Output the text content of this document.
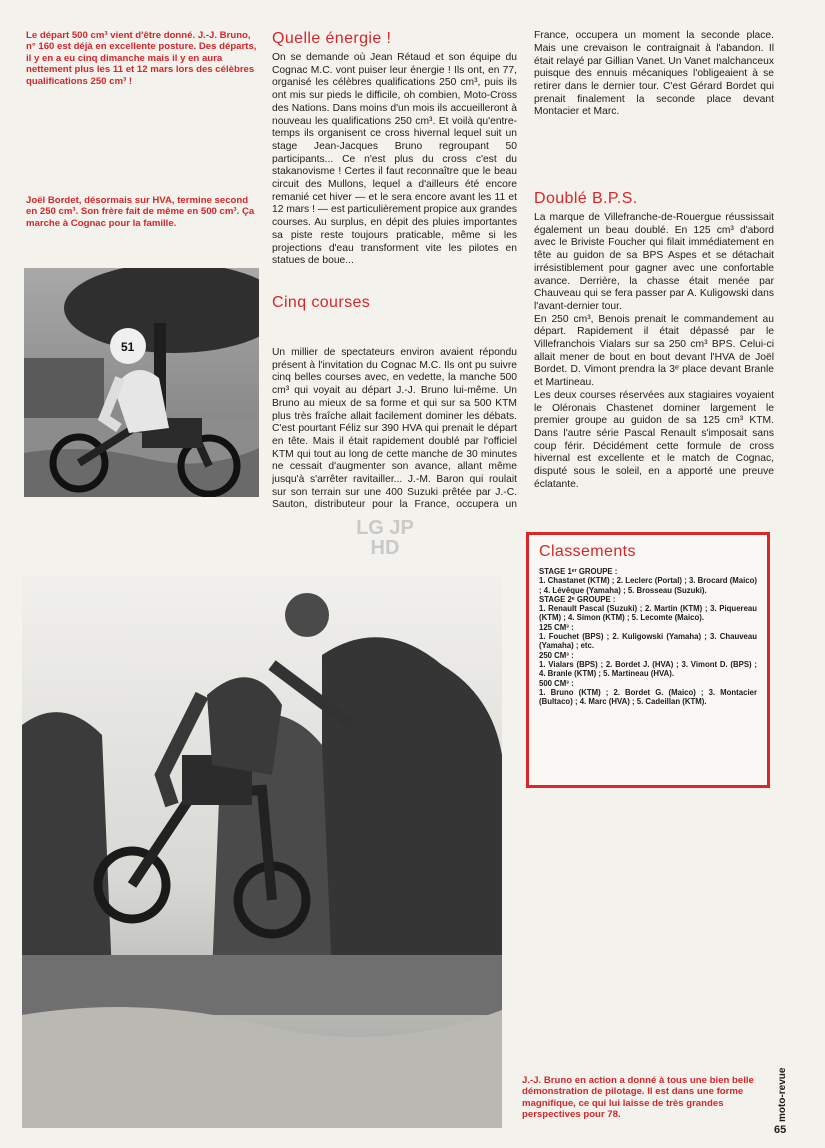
Le départ 500 cm³ vient d'être donné. J.-J. Bruno, n° 160 est déjà en excellente posture. Des départs, il y en a eu cinq dimanche mais il y en aura nettement plus les 11 et 12 mars lors des célèbres qualifications 250 cm³ !
Joël Bordet, désormais sur HVA, termine second en 250 cm³. Son frère fait de même en 500 cm³. Ça marche à Cognac pour la famille.
51
Quelle énergie !

On se demande où Jean Rétaud et son équipe du Cognac M.C. vont puiser leur énergie ! Ils ont, en 77, organisé les célèbres qualifications 250 cm³, puis ils ont mis sur pieds le difficile, oh combien, Moto-Cross des Nations. Dans moins d'un mois ils accueilleront à nouveau les qualifications 250 cm³. Et voilà qu'entre-temps ils organisent ce cross hivernal lequel suit un stage Jean-Jacques Bruno regroupant 50 participants... Ce n'est plus du cross c'est du stakanovisme ! Certes il faut reconnaître que le beau circuit des Mullons, lequel a d'ailleurs été encore remanié cet hiver — et le sera encore avant les 11 et 12 mars ! — est particulièrement propice aux grandes courses. Au surplus, en dépit des pluies importantes sa piste reste toujours praticable, même si les projections d'eau transforment vite les pilotes en statues de boue...

Cinq courses

Un millier de spectateurs environ avaient répondu présent à l'invitation du Cognac M.C. Ils ont pu suivre cinq belles courses avec, en vedette, la manche 500 cm³ qui voyait au départ J.-J. Bruno lui-même. Un Bruno au mieux de sa forme et qui sur sa 500 KTM plus très fraîche allait facilement dominer les débats. C'est pourtant Féliz sur 390 HVA qui prenait le départ en tête. Mais il était rapidement doublé par l'officiel KTM qui tout au long de cette manche de 30 minutes ne cessait d'augmenter son avance, allant même jusqu'à s'arrêter ravitailler... J.-M. Baron qui roulait sur son terrain sur une 400 Suzuki prêtée par J.-C. Sauton, distributeur pour la France, occupera un

France, occupera un moment la seconde place. Mais une crevaison le contraignait à l'abandon. Il était relayé par Gillian Vanet. Un Vanet malchanceux puisque des ennuis mécaniques l'obligeaient à se retirer dans le dernier tour. C'est Gérard Bordet qui prenait finalement la seconde place devant Montacier et Marc.

Doublé B.P.S.

La marque de Villefranche-de-Rouergue réussissait également un beau doublé. En 125 cm³ d'abord avec le Briviste Foucher qui filait immédiatement en tête au guidon de sa BPS Aspes et se détachait irrésistiblement pour gagner avec une confortable avance. Derrière, la chasse était menée par Chauveau qui se fera passer par A. Kuligowski dans l'avant-dernier tour.

En 250 cm³, Benois prenait le commandement au départ. Rapidement il était dépassé par le Villefranchois Vialars sur sa 250 cm³ BPS. Celui-ci allait mener de bout en bout devant l'HVA de Joël Bordet. D. Vimont prendra la 3ᵉ place devant Branle et Martineau.

Les deux courses réservées aux stagiaires voyaient le Oléronais Chastenet dominer largement le premier groupe au guidon de sa 125 cm³ KTM. Dans l'autre série Pascal Renault s'imposait sans coup férir. Décidément cette formule de cross hivernal est excellente et le match de Cognac, disputé sous le soleil, en a apporté une preuve éclatante.

LG JP HD	Classements

STAGE 1ᵉʳ GROUPE :

1. Chastanet (KTM) ; 2. Leclerc (Portal) ; 3. Brocard (Maico) ; 4. Lévêque (Yamaha) ; 5. Brosseau (Suzuki).

STAGE 2ᵉ GROUPE :

1. Renault Pascal (Suzuki) ; 2. Martin (KTM) ; 3. Piquereau (KTM) ; 4. Simon (KTM) ; 5. Lecomte (Maico).

125 CM³ :

1. Fouchet (BPS) ; 2. Kuligowski (Yamaha) ; 3. Chauveau (Yamaha) ; etc.

250 CM³ :

1. Vialars (BPS) ; 2. Bordet J. (HVA) ; 3. Vimont D. (BPS) ; 4. Branle (KTM) ; 5. Martineau (HVA).

500 CM³ :

1. Bruno (KTM) ; 2. Bordet G. (Maico) ; 3. Montacier (Bultaco) ; 4. Marc (HVA) ; 5. Cadeillan (KTM).

J.-J. Bruno en action a donné à tous une bien belle démonstration de pilotage. Il est dans une forme magnifique, ce qui lui laisse de très grandes perspectives pour 78.	moto-revue
65
